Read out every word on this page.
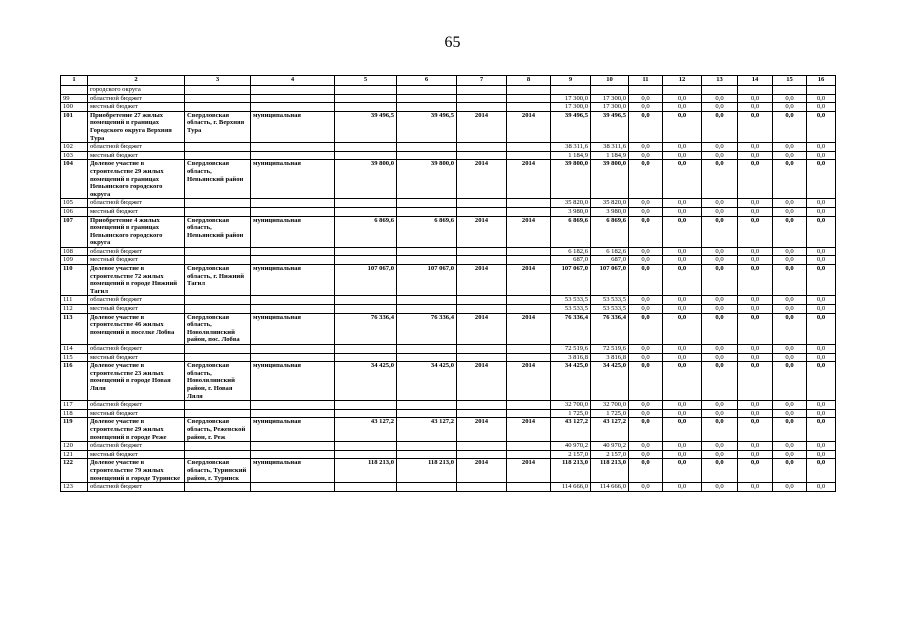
65
1	2	3	4	5	6	7	8	9	10	11	12	13	14	15	16
	городского округа														
99	областной бюджет							17 300,0	17 300,0	0,0	0,0	0,0	0,0	0,0	0,0
100	местный бюджет							17 300,0	17 300,0	0,0	0,0	0,0	0,0	0,0	0,0
101	Приобретение 27 жилых помещений в границах Городского округа Верхняя Тура	Свердловская область, г. Верхняя Тура	муниципальная	39 496,5	39 496,5	2014	2014	39 496,5	39 496,5	0,0	0,0	0,0	0,0	0,0	0,0
102	областной бюджет							38 311,6	38 311,6	0,0	0,0	0,0	0,0	0,0	0,0
103	местный бюджет							1 184,9	1 184,9	0,0	0,0	0,0	0,0	0,0	0,0
104	Долевое участие в строительстве 29 жилых помещений в границах Невьянского городского округа	Свердловская область, Невьянский район	муниципальная	39 800,0	39 800,0	2014	2014	39 800,0	39 800,0	0,0	0,0	0,0	0,0	0,0	0,0
105	областной бюджет							35 820,0	35 820,0	0,0	0,0	0,0	0,0	0,0	0,0
106	местный бюджет							3 980,0	3 980,0	0,0	0,0	0,0	0,0	0,0	0,0
107	Приобретение 4 жилых помещений в границах Невьянского городского округа	Свердловская область, Невьянский район	муниципальная	6 869,6	6 869,6	2014	2014	6 869,6	6 869,6	0,0	0,0	0,0	0,0	0,0	0,0
108	областной бюджет							6 182,6	6 182,6	0,0	0,0	0,0	0,0	0,0	0,0
109	местный бюджет							687,0	687,0	0,0	0,0	0,0	0,0	0,0	0,0
110	Долевое участие в строительстве 72 жилых помещений в городе Нижний Тагил	Свердловская область, г. Нижний Тагил	муниципальная	107 067,0	107 067,0	2014	2014	107 067,0	107 067,0	0,0	0,0	0,0	0,0	0,0	0,0
111	областной бюджет							53 533,5	53 533,5	0,0	0,0	0,0	0,0	0,0	0,0
112	местный бюджет							53 533,5	53 533,5	0,0	0,0	0,0	0,0	0,0	0,0
113	Долевое участие в строительстве 46 жилых помещений в поселке Лобва	Свердловская область, Новолялинский район, пос. Лобва	муниципальная	76 336,4	76 336,4	2014	2014	76 336,4	76 336,4	0,0	0,0	0,0	0,0	0,0	0,0
114	областной бюджет							72 519,6	72 519,6	0,0	0,0	0,0	0,0	0,0	0,0
115	местный бюджет							3 816,8	3 816,8	0,0	0,0	0,0	0,0	0,0	0,0
116	Долевое участие в строительстве 23 жилых помещений в городе Новая Ляля	Свердловская область, Новолялинский район, г. Новая Ляля	муниципальная	34 425,0	34 425,0	2014	2014	34 425,0	34 425,0	0,0	0,0	0,0	0,0	0,0	0,0
117	областной бюджет							32 700,0	32 700,0	0,0	0,0	0,0	0,0	0,0	0,0
118	местный бюджет							1 725,0	1 725,0	0,0	0,0	0,0	0,0	0,0	0,0
119	Долевое участие в строительстве 29 жилых помещений в городе Реже	Свердловская область, Режевской район, г. Реж	муниципальная	43 127,2	43 127,2	2014	2014	43 127,2	43 127,2	0,0	0,0	0,0	0,0	0,0	0,0
120	областной бюджет							40 970,2	40 970,2	0,0	0,0	0,0	0,0	0,0	0,0
121	местный бюджет							2 157,0	2 157,0	0,0	0,0	0,0	0,0	0,0	0,0
122	Долевое участие в строительстве 79 жилых помещений в городе Туринске	Свердловская область, Туринский район, г. Туринск	муниципальная	118 213,0	118 213,0	2014	2014	118 213,0	118 213,0	0,0	0,0	0,0	0,0	0,0	0,0
123	областной бюджет							114 666,0	114 666,0	0,0	0,0	0,0	0,0	0,0	0,0
